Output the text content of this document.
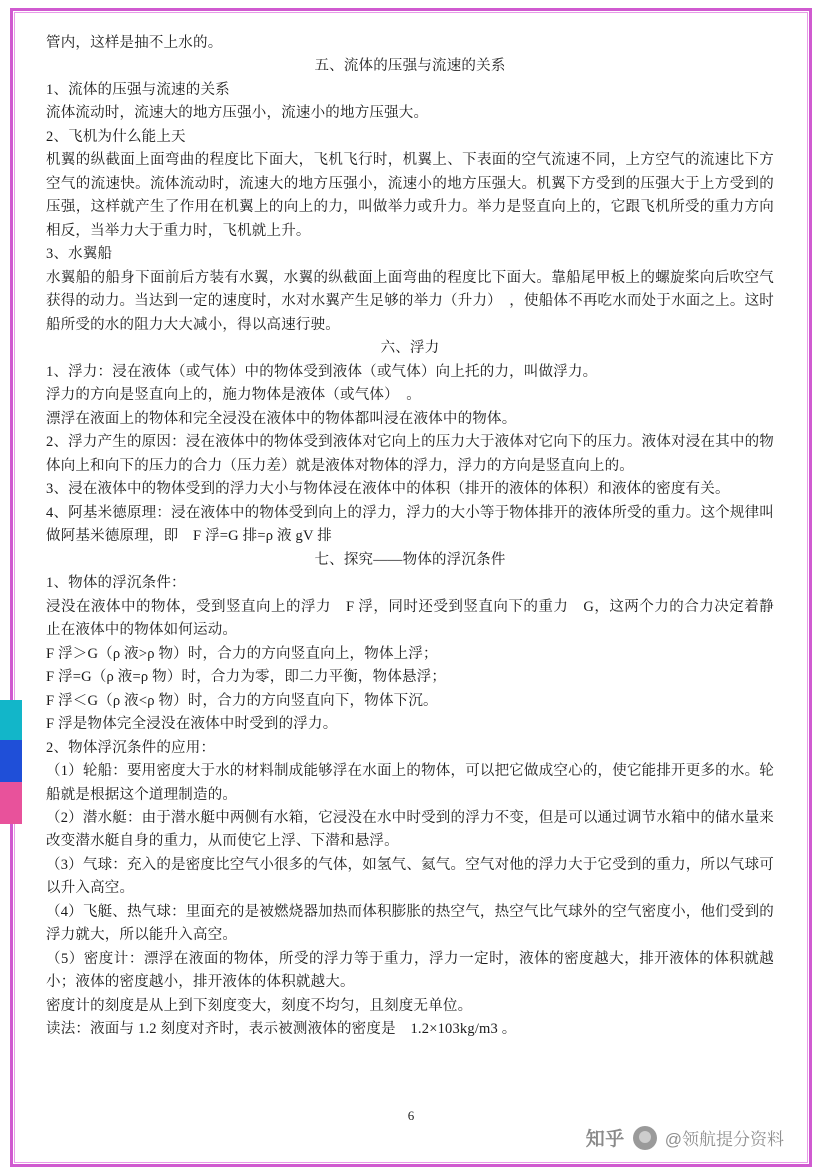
管内，这样是抽不上水的。

五、流体的压强与流速的关系

1、流体的压强与流速的关系

流体流动时，流速大的地方压强小，流速小的地方压强大。

2、飞机为什么能上天

机翼的纵截面上面弯曲的程度比下面大，飞机飞行时，机翼上、下表面的空气流速不同，上方空气的流速比下方空气的流速快。流体流动时，流速大的地方压强小，流速小的地方压强大。机翼下方受到的压强大于上方受到的压强，这样就产生了作用在机翼上的向上的力，叫做举力或升力。举力是竖直向上的，它跟飞机所受的重力方向相反，当举力大于重力时，飞机就上升。

3、水翼船

水翼船的船身下面前后方装有水翼，水翼的纵截面上面弯曲的程度比下面大。靠船尾甲板上的螺旋桨向后吹空气获得的动力。当达到一定的速度时，水对水翼产生足够的举力（升力）　，使船体不再吃水而处于水面之上。这时船所受的水的阻力大大减小，得以高速行驶。

六、浮力

1、浮力：浸在液体（或气体）中的物体受到液体（或气体）向上托的力，叫做浮力。

浮力的方向是竖直向上的，施力物体是液体（或气体）　。

漂浮在液面上的物体和完全浸没在液体中的物体都叫浸在液体中的物体。

2、浮力产生的原因：浸在液体中的物体受到液体对它向上的压力大于液体对它向下的压力。液体对浸在其中的物体向上和向下的压力的合力（压力差）就是液体对物体的浮力，浮力的方向是竖直向上的。

3、浸在液体中的物体受到的浮力大小与物体浸在液体中的体积（排开的液体的体积）和液体的密度有关。

4、阿基米德原理：浸在液体中的物体受到向上的浮力，浮力的大小等于物体排开的液体所受的重力。这个规律叫做阿基米德原理，即　F 浮=G 排=ρ 液 gV 排

七、探究——物体的浮沉条件

1、物体的浮沉条件：

浸没在液体中的物体，受到竖直向上的浮力　F 浮，同时还受到竖直向下的重力　G，这两个力的合力决定着静止在液体中的物体如何运动。

F 浮＞G（ρ 液>ρ 物）时，合力的方向竖直向上，物体上浮；

F 浮=G（ρ 液=ρ 物）时，合力为零，即二力平衡，物体悬浮；

F 浮＜G（ρ 液<ρ 物）时，合力的方向竖直向下，物体下沉。

F 浮是物体完全浸没在液体中时受到的浮力。

2、物体浮沉条件的应用：

（1）轮船：要用密度大于水的材料制成能够浮在水面上的物体，可以把它做成空心的，使它能排开更多的水。轮船就是根据这个道理制造的。

（2）潜水艇：由于潜水艇中两侧有水箱，它浸没在水中时受到的浮力不变，但是可以通过调节水箱中的储水量来改变潜水艇自身的重力，从而使它上浮、下潜和悬浮。

（3）气球：充入的是密度比空气小很多的气体，如氢气、氦气。空气对他的浮力大于它受到的重力，所以气球可以升入高空。

（4）飞艇、热气球：里面充的是被燃烧器加热而体积膨胀的热空气，热空气比气球外的空气密度小，他们受到的浮力就大，所以能升入高空。

（5）密度计：漂浮在液面的物体，所受的浮力等于重力，浮力一定时，液体的密度越大，排开液体的体积就越小；液体的密度越小，排开液体的体积就越大。

密度计的刻度是从上到下刻度变大，刻度不均匀，且刻度无单位。

读法：液面与 1.2 刻度对齐时，表示被测液体的密度是　1.2×103kg/m3 。

6
知乎 @领航提分资料
